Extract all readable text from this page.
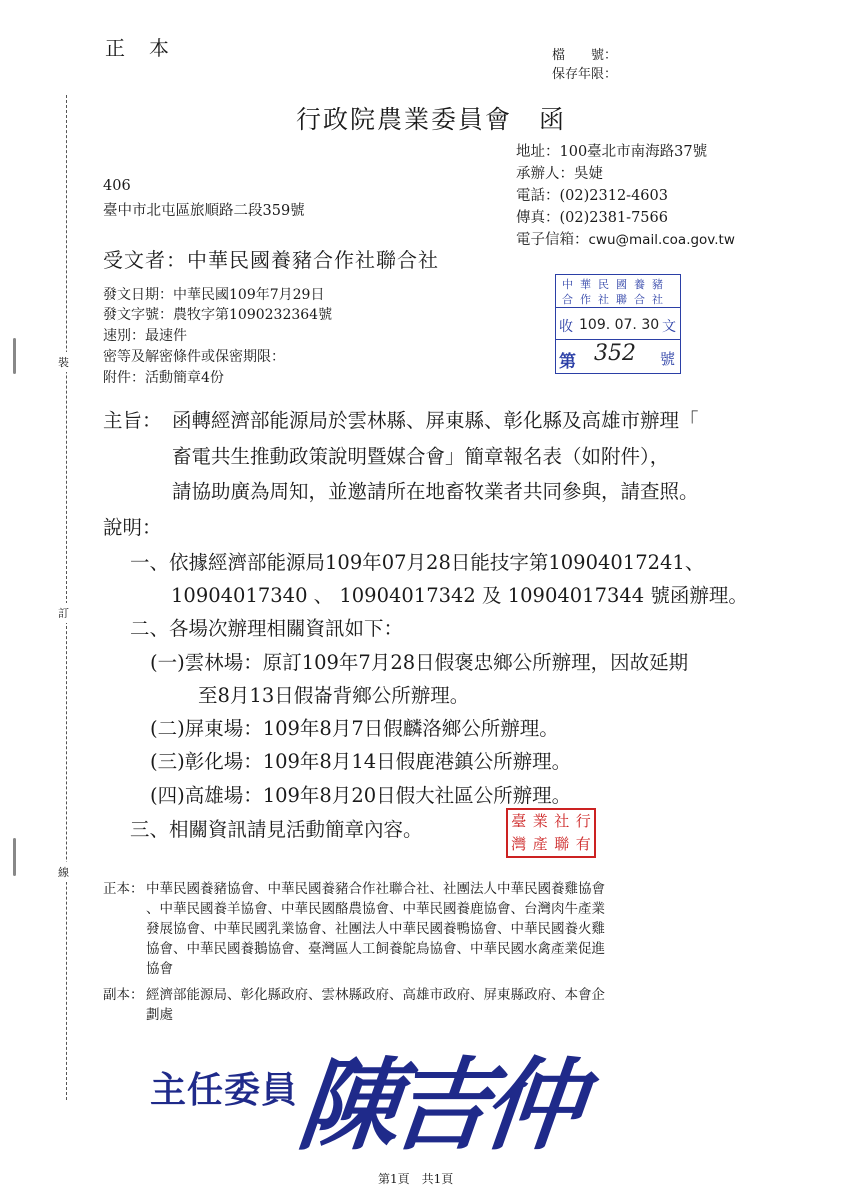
裝
訂
線
正　本	檔　　號：
保存年限：
行政院農業委員會　函
地址：100臺北市南海路37號
承辦人：吳婕
電話：(02)2312-4603
傳真：(02)2381-7566
電子信箱：cwu@mail.coa.gov.tw
406
臺中市北屯區旅順路二段359號
受文者：中華民國養豬合作社聯合社
發文日期：中華民國109年7月29日
發文字號：農牧字第1090232364號
速別：最速件
密等及解密條件或保密期限：
附件：活動簡章4份
中華民國養豬
合作社聯合社
收 109. 07. 30 文
第 352 號
主旨： 函轉經濟部能源局於雲林縣、屏東縣、彰化縣及高雄市辦理「
畜電共生推動政策說明暨媒合會」簡章報名表（如附件），
請協助廣為周知，並邀請所在地畜牧業者共同參與，請查照。
說明：
一、依據經濟部能源局109年07月28日能技字第10904017241、
10904017340 、 10904017342 及 10904017344 號函辦理。
二、各場次辦理相關資訊如下：
(一)雲林場：原訂109年7月28日假褒忠鄉公所辦理，因故延期
至8月13日假崙背鄉公所辦理。
(二)屏東場：109年8月7日假麟洛鄉公所辦理。
(三)彰化場：109年8月14日假鹿港鎮公所辦理。
(四)高雄場：109年8月20日假大社區公所辦理。
三、相關資訊請見活動簡章內容。	臺 業 社 行
灣 產 聯 有
正本： 中華民國養豬協會、中華民國養豬合作社聯合社、社團法人中華民國養雞協會
、中華民國養羊協會、中華民國酪農協會、中華民國養鹿協會、台灣肉牛產業
發展協會、中華民國乳業協會、社團法人中華民國養鴨協會、中華民國養火雞
協會、中華民國養鵝協會、臺灣區人工飼養鴕鳥協會、中華民國水禽產業促進
協會
副本： 經濟部能源局、彰化縣政府、雲林縣政府、高雄市政府、屏東縣政府、本會企
劃處
主任委員
陳吉仲
第1頁　共1頁
